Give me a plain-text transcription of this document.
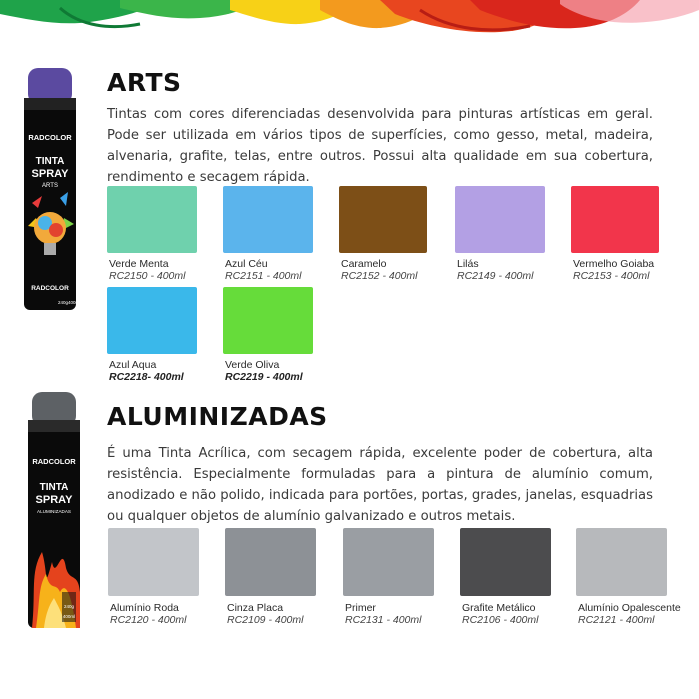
RADCOLOR
TINTA
SPRAY
ARTS
RADCOLOR
240g 400ml
RADCOLOR
TINTA
SPRAY
ALUMINIZADAS
240g
400ml
ARTS

Tintas com cores diferenciadas desenvolvida para pinturas artísticas em geral. Pode ser utilizada em vários tipos de superfícies, como gesso, metal, madeira, alvenaria, grafite, telas, entre outros. Possui alta qualidade em sua cobertura, rendimento e secagem rápida.

Verde Menta
RC2150 - 400ml
Azul Céu
RC2151 - 400ml
Caramelo
RC2152 - 400ml
Lilás
RC2149 - 400ml
Vermelho Goiaba
RC2153 - 400ml
Azul Aqua
RC2218- 400ml
Verde Oliva
RC2219 - 400ml
ALUMINIZADAS

É uma Tinta Acrílica, com secagem rápida, excelente poder de cobertura, alta resistência. Especialmente formuladas para a pintura de alumínio comum, anodizado e não polido, indicada para portões, portas, grades, janelas, esquadrias ou qualquer objetos de alumínio galvanizado e outros metais.

Alumínio Roda
RC2120 - 400ml
Cinza Placa
RC2109 - 400ml
Primer
RC2131 - 400ml
Grafite Metálico
RC2106 - 400ml
Alumínio Opalescente
RC2121 - 400ml
